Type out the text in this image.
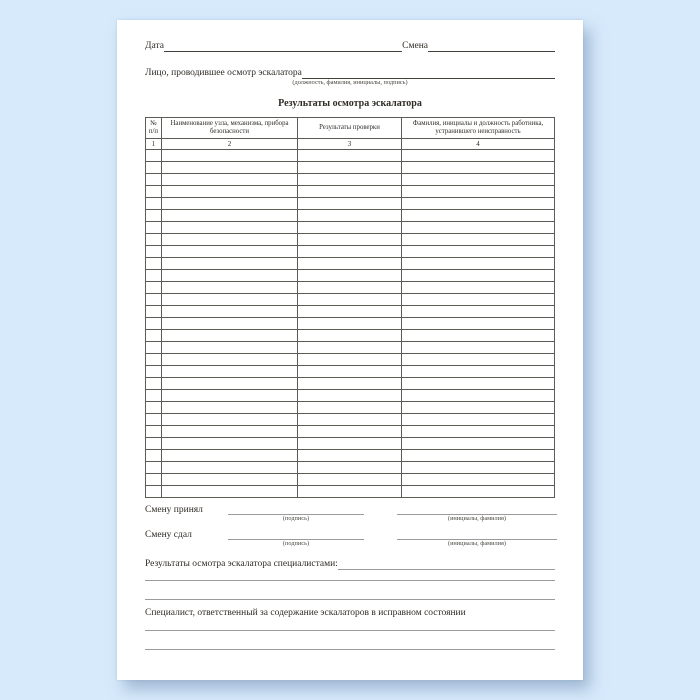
Дата	Смена
Лицо, проводившее осмотр эскалатора
(должность, фамилия, инициалы, подпись)
Результаты осмотра эскалатора
№ п/п	Наименование узла, механизма, прибора безопасности	Результаты проверки	Фамилия, инициалы и должность работника, устранившего неисправность
1	2	3	4

Смену принял
(подпись)	(инициалы, фамилия)
Смену сдал
(подпись)	(инициалы, фамилия)
Результаты осмотра эскалатора специалистами:
Специалист, ответственный за содержание эскалаторов в исправном состоянии
